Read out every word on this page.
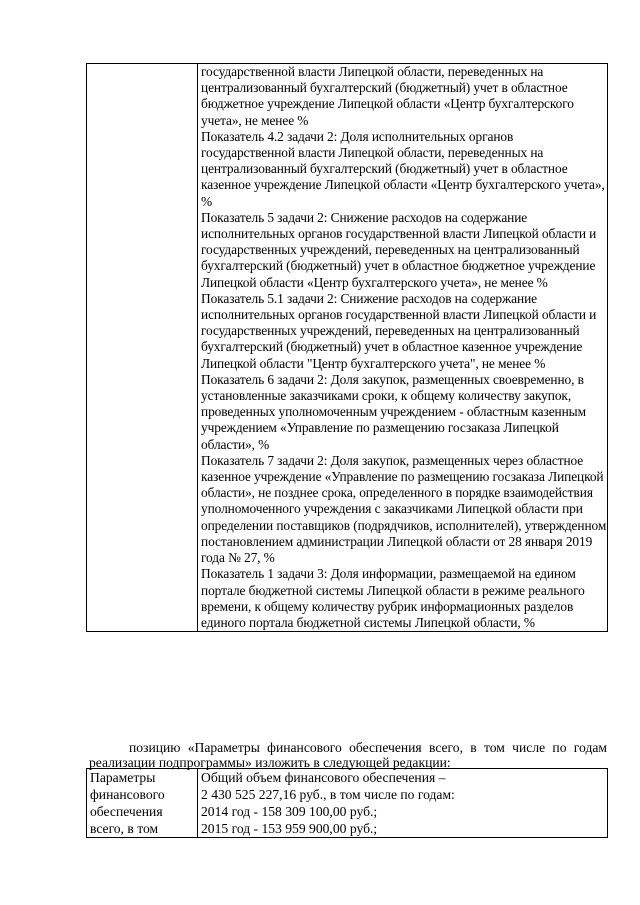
государственной власти Липецкой области, переведенных на централизованный бухгалтерский (бюджетный) учет в областное бюджетное учреждение Липецкой области «Центр бухгалтерского учета», не менее %
Показатель 4.2 задачи 2: Доля исполнительных органов государственной власти Липецкой области, переведенных на централизованный бухгалтерский (бюджетный) учет в областное казенное учреждение Липецкой области «Центр бухгалтерского учета», %
Показатель 5 задачи 2: Снижение расходов на содержание исполнительных органов государственной власти Липецкой области и государственных учреждений, переведенных на централизованный бухгалтерский (бюджетный) учет в областное бюджетное учреждение Липецкой области «Центр бухгалтерского учета», не менее %
Показатель 5.1 задачи 2: Снижение расходов на содержание исполнительных органов государственной власти Липецкой области и государственных учреждений, переведенных на централизованный бухгалтерский (бюджетный) учет в областное казенное учреждение Липецкой области "Центр бухгалтерского учета", не менее %
Показатель 6 задачи 2: Доля закупок, размещенных своевременно, в установленные заказчиками сроки, к общему количеству закупок, проведенных уполномоченным учреждением - областным казенным учреждением «Управление по размещению госзаказа Липецкой области», %
Показатель 7 задачи 2: Доля закупок, размещенных через областное казенное учреждение «Управление по размещению госзаказа Липецкой области», не позднее срока, определенного в порядке взаимодействия уполномоченного учреждения с заказчиками Липецкой области при определении поставщиков (подрядчиков, исполнителей), утвержденном постановлением администрации Липецкой области от 28 января 2019 года № 27, %
Показатель 1 задачи 3: Доля информации, размещаемой на едином портале бюджетной системы Липецкой области в режиме реального времени, к общему количеству рубрик информационных разделов единого портала бюджетной системы Липецкой области, %
позицию «Параметры финансового обеспечения всего, в том числе по годам реализации подпрограммы» изложить в следующей редакции:
Параметры финансового обеспечения всего, в том	
Общий объем финансового обеспечения –
2 430 525 227,16 руб., в том числе по годам:
2014 год - 158 309 100,00 руб.;
2015 год - 153 959 900,00 руб.;
